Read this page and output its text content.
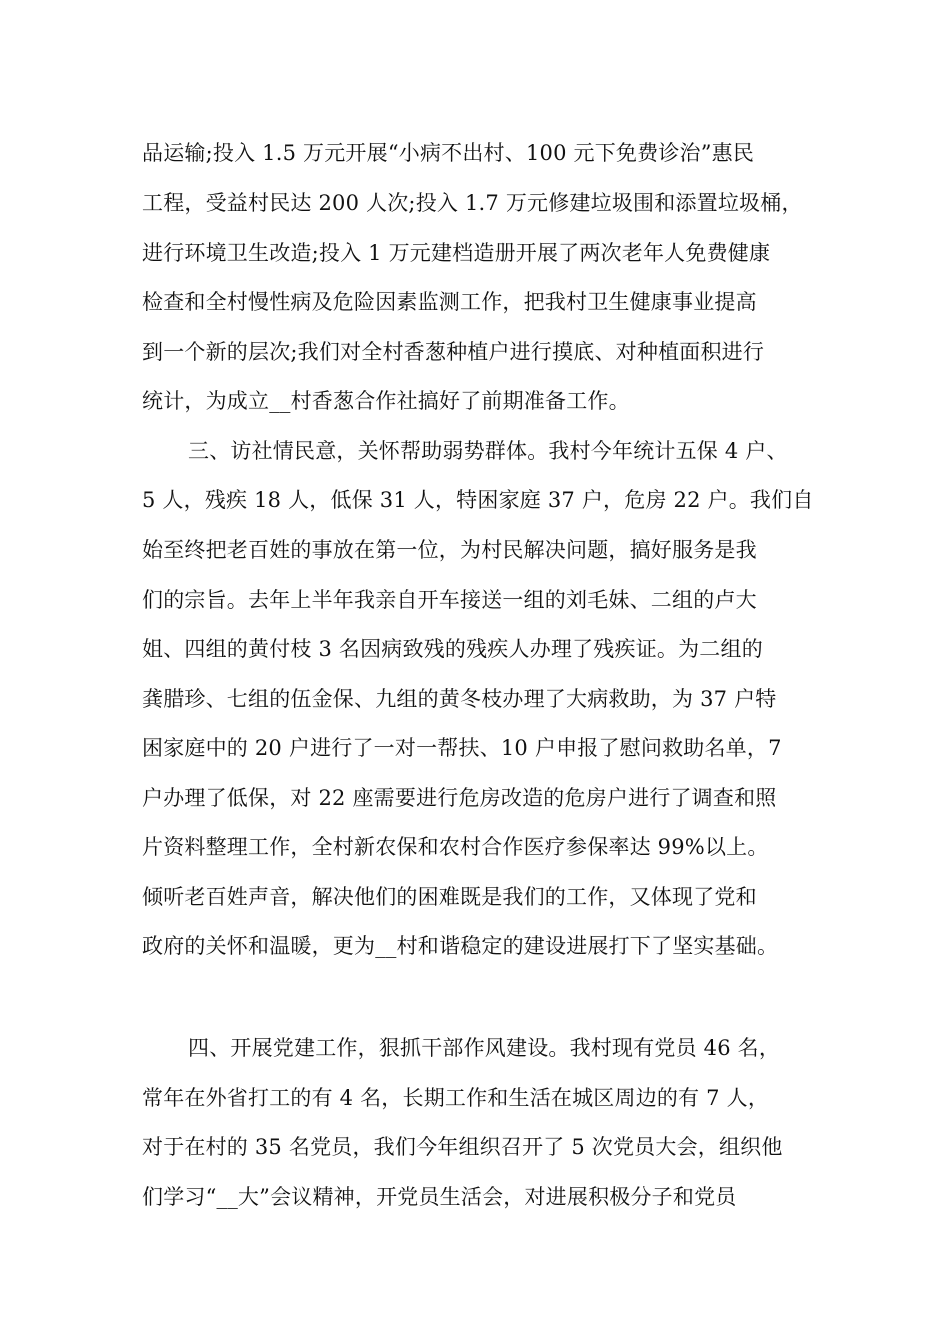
品运输;投入 1.5 万元开展“小病不出村、100 元下免费诊治”惠民
工程，受益村民达 200 人次;投入 1.7 万元修建垃圾围和添置垃圾桶，
进行环境卫生改造;投入 1 万元建档造册开展了两次老年人免费健康
检查和全村慢性病及危险因素监测工作，把我村卫生健康事业提高
到一个新的层次;我们对全村香葱种植户进行摸底、对种植面积进行
统计，为成立__村香葱合作社搞好了前期准备工作。
三、访社情民意，关怀帮助弱势群体。我村今年统计五保 4 户、
5 人，残疾 18 人，低保 31 人，特困家庭 37 户，危房 22 户。我们自
始至终把老百姓的事放在第一位，为村民解决问题，搞好服务是我
们的宗旨。去年上半年我亲自开车接送一组的刘毛妹、二组的卢大
姐、四组的黄付枝 3 名因病致残的残疾人办理了残疾证。为二组的
龚腊珍、七组的伍金保、九组的黄冬枝办理了大病救助，为 37 户特
困家庭中的 20 户进行了一对一帮扶、10 户申报了慰问救助名单，7
户办理了低保，对 22 座需要进行危房改造的危房户进行了调查和照
片资料整理工作，全村新农保和农村合作医疗参保率达 99%以上。
倾听老百姓声音，解决他们的困难既是我们的工作，又体现了党和
政府的关怀和温暖，更为__村和谐稳定的建设进展打下了坚实基础。
四、开展党建工作，狠抓干部作风建设。我村现有党员 46 名，
常年在外省打工的有 4 名，长期工作和生活在城区周边的有 7 人，
对于在村的 35 名党员，我们今年组织召开了 5 次党员大会，组织他
们学习“__大”会议精神，开党员生活会，对进展积极分子和党员
